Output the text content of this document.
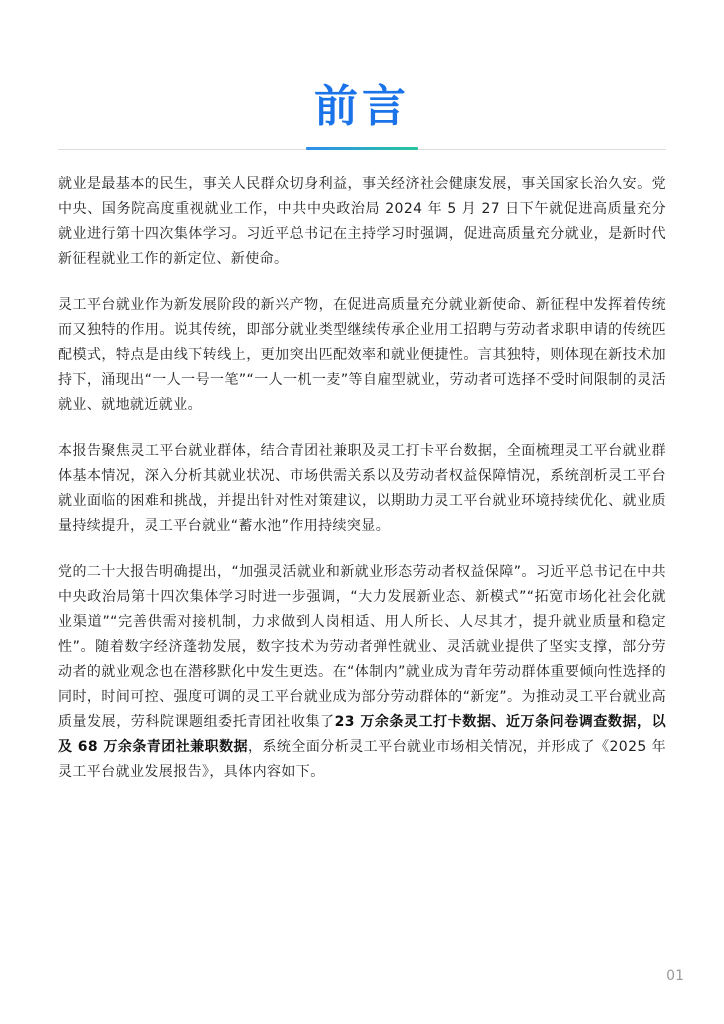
前言

就业是最基本的民生，事关人民群众切身利益，事关经济社会健康发展，事关国家长治久安。党中央、国务院高度重视就业工作，中共中央政治局 2024 年 5 月 27 日下午就促进高质量充分就业进行第十四次集体学习。习近平总书记在主持学习时强调，促进高质量充分就业，是新时代新征程就业工作的新定位、新使命。

灵工平台就业作为新发展阶段的新兴产物，在促进高质量充分就业新使命、新征程中发挥着传统而又独特的作用。说其传统，即部分就业类型继续传承企业用工招聘与劳动者求职申请的传统匹配模式，特点是由线下转线上，更加突出匹配效率和就业便捷性。言其独特，则体现在新技术加持下，涌现出“一人一号一笔”“一人一机一麦”等自雇型就业，劳动者可选择不受时间限制的灵活就业、就地就近就业。

本报告聚焦灵工平台就业群体，结合青团社兼职及灵工打卡平台数据，全面梳理灵工平台就业群体基本情况，深入分析其就业状况、市场供需关系以及劳动者权益保障情况，系统剖析灵工平台就业面临的困难和挑战，并提出针对性对策建议，以期助力灵工平台就业环境持续优化、就业质量持续提升，灵工平台就业“蓄水池”作用持续突显。

党的二十大报告明确提出，“加强灵活就业和新就业形态劳动者权益保障”。习近平总书记在中共中央政治局第十四次集体学习时进一步强调，“大力发展新业态、新模式”“拓宽市场化社会化就业渠道”“完善供需对接机制，力求做到人岗相适、用人所长、人尽其才，提升就业质量和稳定性”。随着数字经济蓬勃发展，数字技术为劳动者弹性就业、灵活就业提供了坚实支撑，部分劳动者的就业观念也在潜移默化中发生更迭。在“体制内”就业成为青年劳动群体重要倾向性选择的同时，时间可控、强度可调的灵工平台就业成为部分劳动群体的“新宠”。为推动灵工平台就业高质量发展，劳科院课题组委托青团社收集了23 万余条灵工打卡数据、近万条问卷调查数据，以及 68 万余条青团社兼职数据，系统全面分析灵工平台就业市场相关情况，并形成了《2025 年灵工平台就业发展报告》，具体内容如下。

01
